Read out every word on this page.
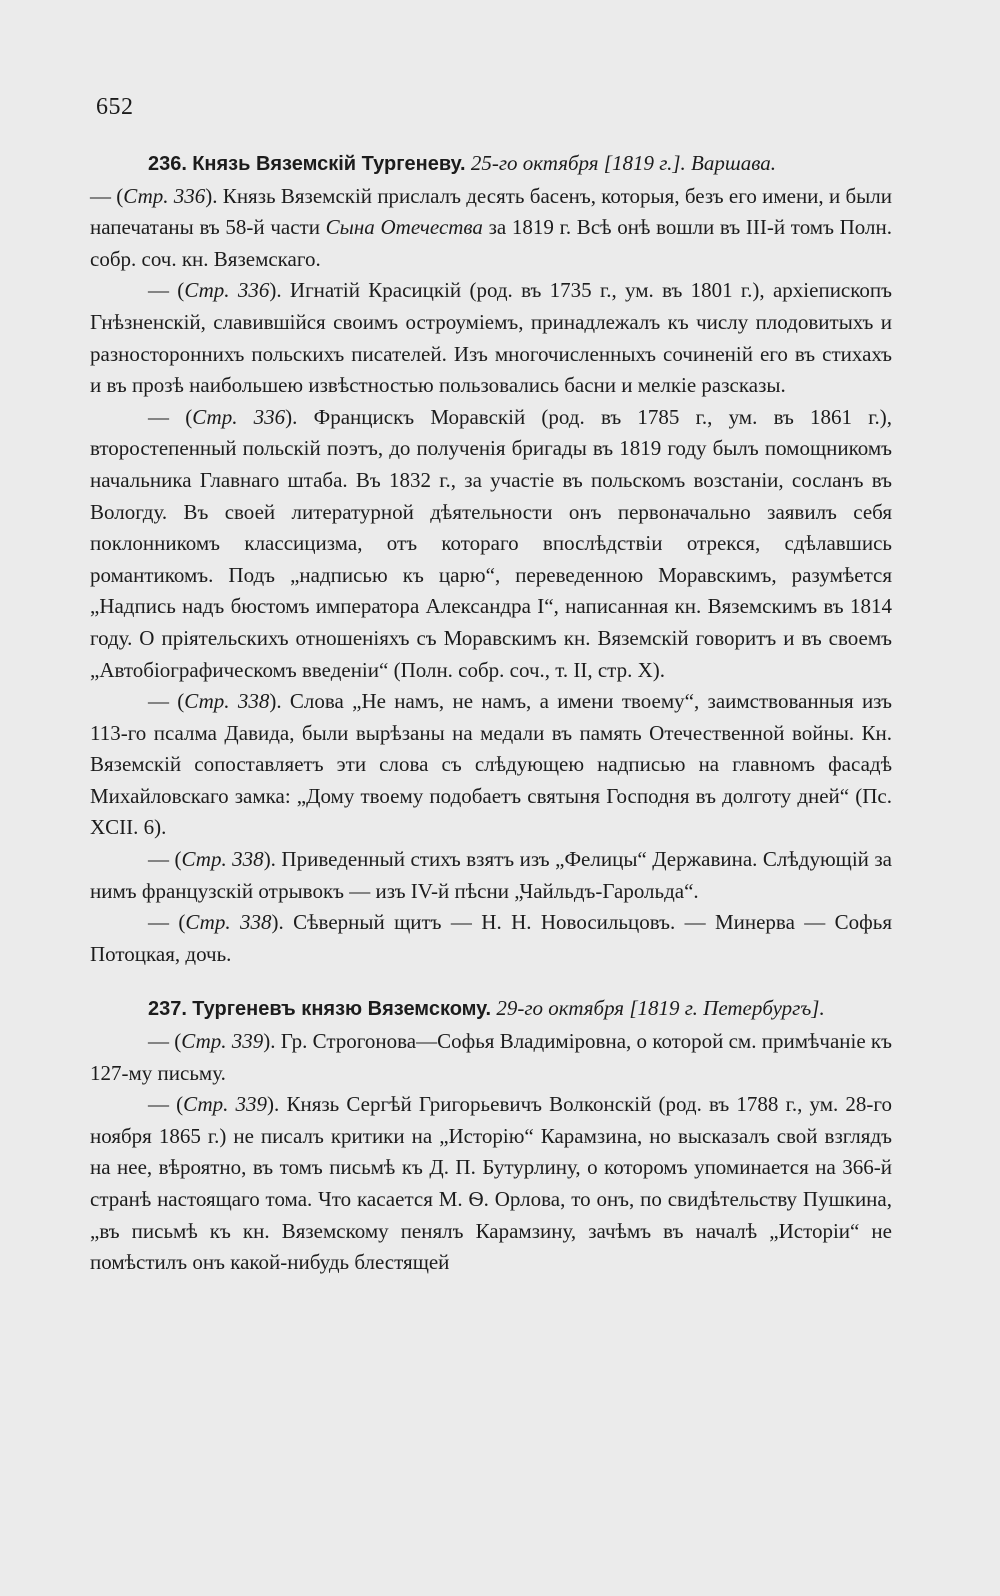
652

236. Князь Вяземскій Тургеневу. 25-го октября [1819 г.]. Варшава.
— (Стр. 336). Князь Вяземскій прислалъ десять басенъ, которыя, безъ его имени, и были напечатаны въ 58-й части Сына Отечества за 1819 г. Всѣ онѣ вошли въ III-й томъ Полн. собр. соч. кн. Вяземскаго.

— (Стр. 336). Игнатій Красицкій (род. въ 1735 г., ум. въ 1801 г.), архіепископъ Гнѣзненскій, славившійся своимъ остроуміемъ, принадлежалъ къ числу плодовитыхъ и разностороннихъ польскихъ писателей. Изъ многочисленныхъ сочиненій его въ стихахъ и въ прозѣ наибольшею извѣстностью пользовались басни и мелкіе разсказы.

— (Стр. 336). Францискъ Моравскій (род. въ 1785 г., ум. въ 1861 г.), второстепенный польскій поэтъ, до полученія бригады въ 1819 году былъ помощникомъ начальника Главнаго штаба. Въ 1832 г., за участіе въ польскомъ возстаніи, сосланъ въ Вологду. Въ своей литературной дѣятельности онъ первоначально заявилъ себя поклонникомъ классицизма, отъ котораго впослѣдствіи отрекся, сдѣлавшись романтикомъ. Подъ „надписью къ царю“, переведенною Моравскимъ, разумѣется „Надпись надъ бюстомъ императора Александра I“, написанная кн. Вяземскимъ въ 1814 году. О пріятельскихъ отношеніяхъ съ Моравскимъ кн. Вяземскій говоритъ и въ своемъ „Автобіографическомъ введеніи“ (Полн. собр. соч., т. II, стр. X).

— (Стр. 338). Слова „Не намъ, не намъ, а имени твоему“, заимствованныя изъ 113-го псалма Давида, были вырѣзаны на медали въ память Отечественной войны. Кн. Вяземскій сопоставляетъ эти слова съ слѣдующею надписью на главномъ фасадѣ Михайловскаго замка: „Дому твоему подобаетъ святыня Господня въ долготу дней“ (Пс. XCII. 6).

— (Стр. 338). Приведенный стихъ взятъ изъ „Фелицы“ Державина. Слѣдующій за нимъ французскій отрывокъ — изъ IV-й пѣсни „Чайльдъ-Гарольда“.

— (Стр. 338). Сѣверный щитъ — Н. Н. Новосильцовъ. — Минерва — Софья Потоцкая, дочь.

237. Тургеневъ князю Вяземскому. 29-го октября [1819 г. Петербургъ].

— (Стр. 339). Гр. Строгонова—Софья Владиміровна, о которой см. примѣчаніе къ 127-му письму.

— (Стр. 339). Князь Сергѣй Григорьевичъ Волконскій (род. въ 1788 г., ум. 28-го ноября 1865 г.) не писалъ критики на „Исторію“ Карамзина, но высказалъ свой взглядъ на нее, вѣроятно, въ томъ письмѣ къ Д. П. Бутурлину, о которомъ упоминается на 366-й странѣ настоящаго тома. Что касается М. Ѳ. Орлова, то онъ, по свидѣтельству Пушкина, „въ письмѣ къ кн. Вяземскому пенялъ Карамзину, зачѣмъ въ началѣ „Исторіи“ не помѣстилъ онъ какой-нибудь блестящей
